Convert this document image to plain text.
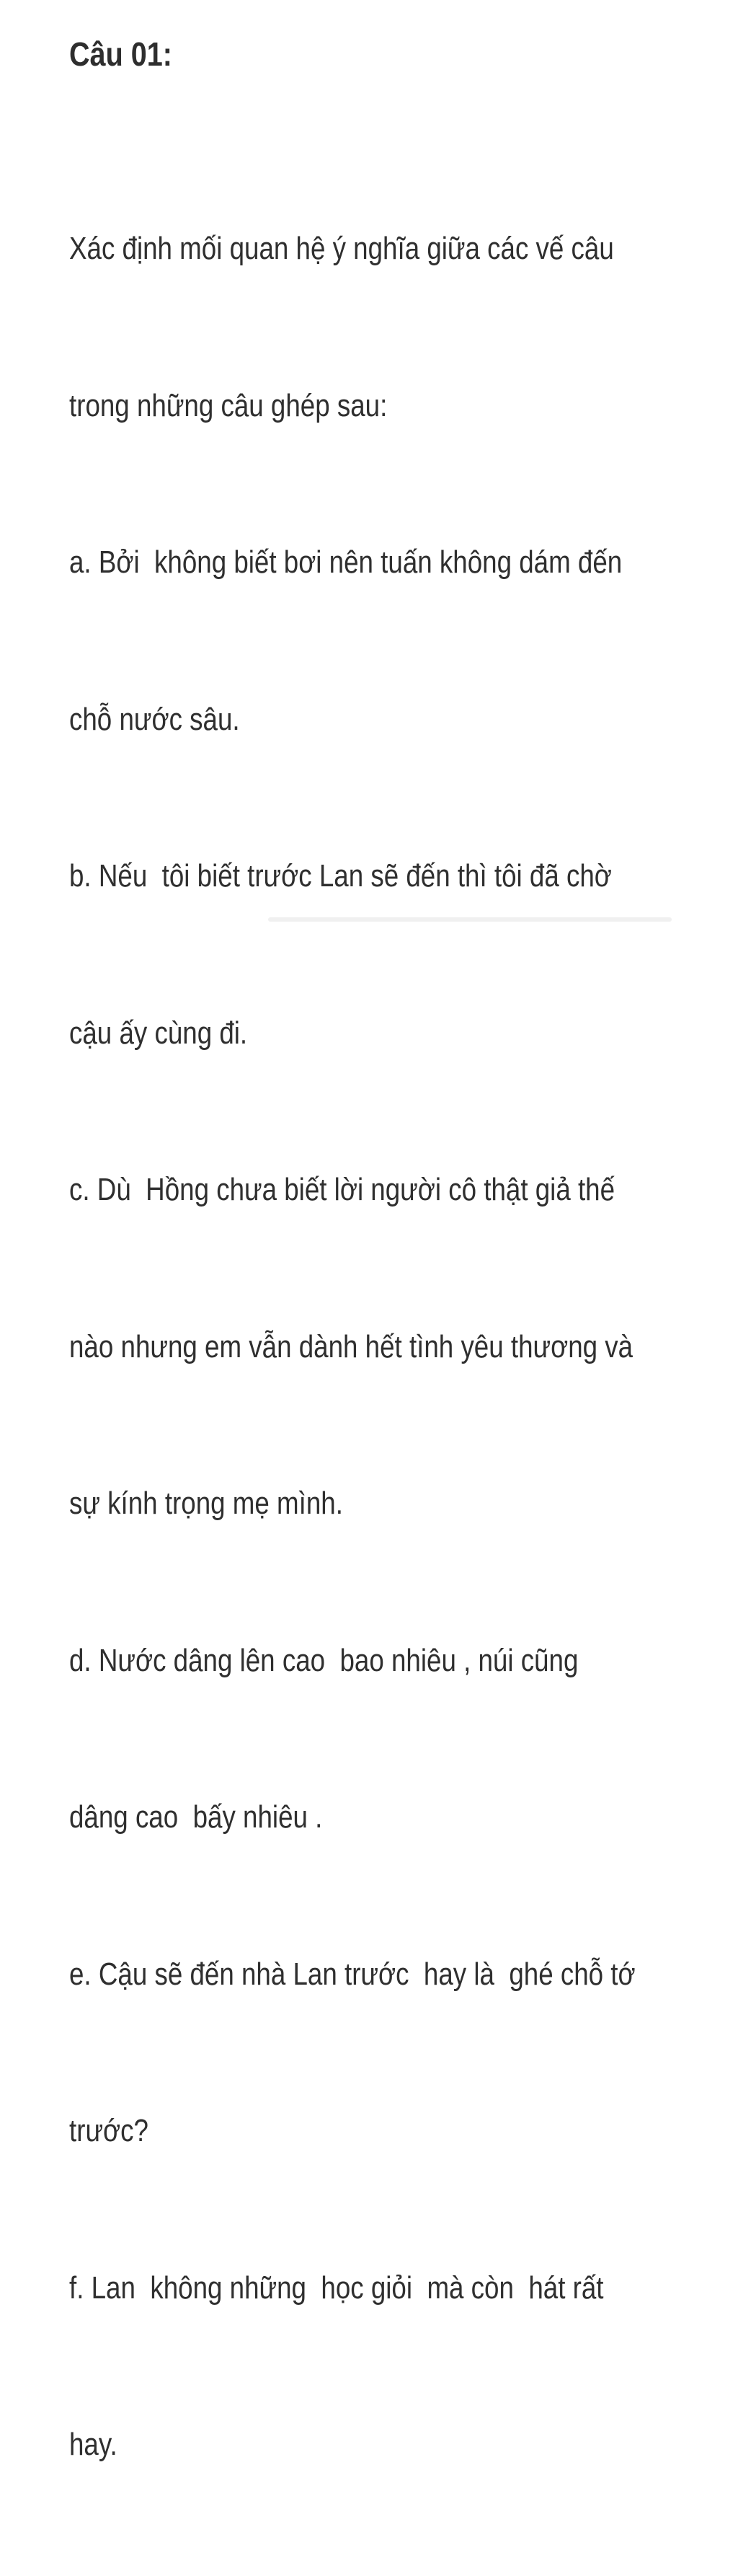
Câu 01:

Xác định mối quan hệ ý nghĩa giữa các vế câu

trong những câu ghép sau:

a. Bởi  không biết bơi nên tuấn không dám đến

chỗ nước sâu.

b. Nếu  tôi biết trước Lan sẽ đến thì tôi đã chờ

cậu ấy cùng đi.

c. Dù  Hồng chưa biết lời người cô thật giả thế

nào nhưng em vẫn dành hết tình yêu thương và

sự kính trọng mẹ mình.

d. Nước dâng lên cao  bao nhiêu , núi cũng

dâng cao  bấy nhiêu .

e. Cậu sẽ đến nhà Lan trước  hay là  ghé chỗ tớ

trước?

f. Lan  không những  học giỏi  mà còn  hát rất

hay.
